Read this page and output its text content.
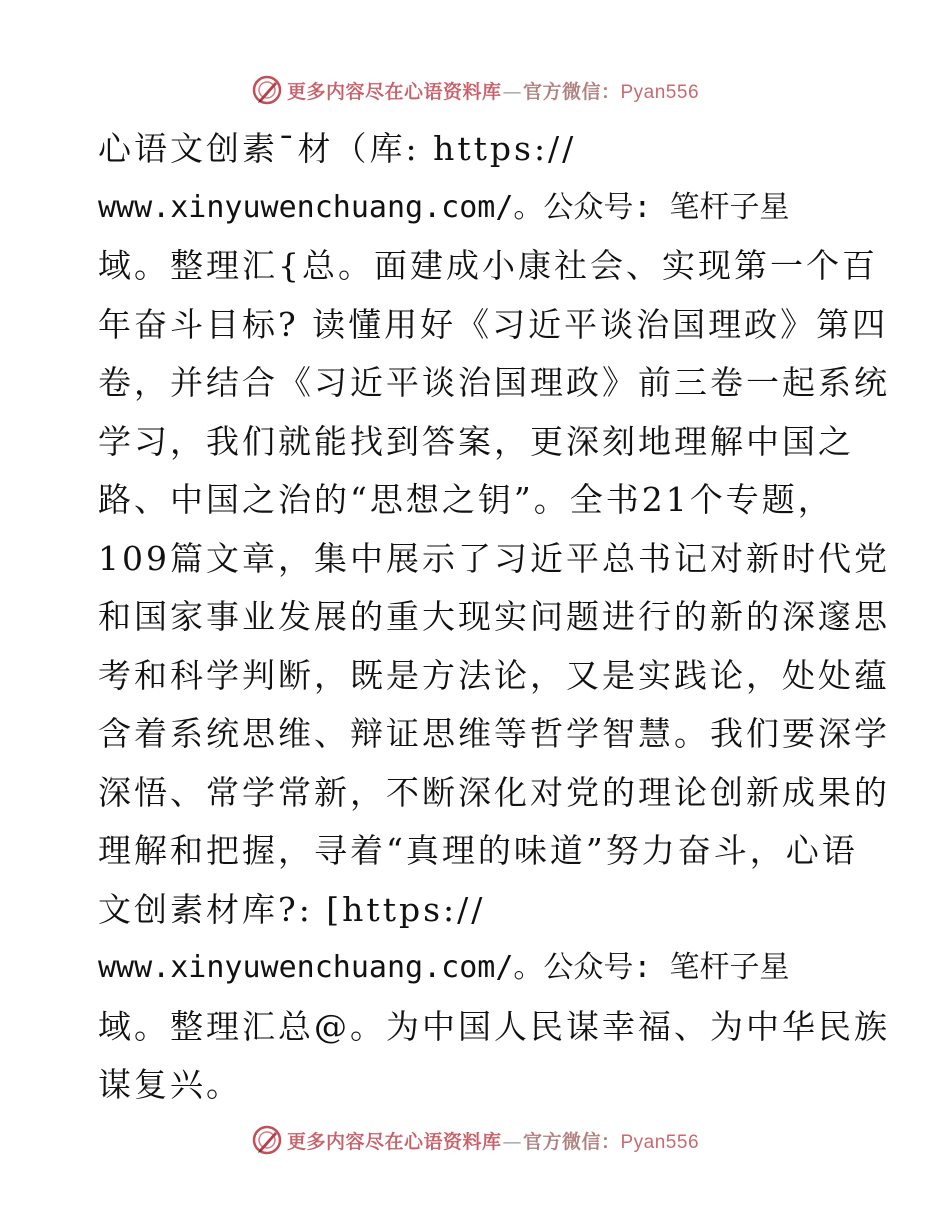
更多内容尽在心语资料库—官方微信：Pyan556
心语文创素¯材（库: https://
www.xinyuwenchuang.com/。公众号: 笔杆子星
域。整理汇{总。面建成小康社会、实现第一个百
年奋斗目标? 读懂用好《习近平谈治国理政》第四
卷，并结合《习近平谈治国理政》前三卷一起系统
学习，我们就能找到答案，更深刻地理解中国之
路、中国之治的“思想之钥”。全书21个专题，
109篇文章，集中展示了习近平总书记对新时代党
和国家事业发展的重大现实问题进行的新的深邃思
考和科学判断，既是方法论，又是实践论，处处蕴
含着系统思维、辩证思维等哲学智慧。我们要深学
深悟、常学常新，不断深化对党的理论创新成果的
理解和把握，寻着“真理的味道”努力奋斗，心语
文创素材库?: [https://
www.xinyuwenchuang.com/。公众号: 笔杆子星
域。整理汇总@。为中国人民谋幸福、为中华民族
谋复兴。
更多内容尽在心语资料库—官方微信：Pyan556
